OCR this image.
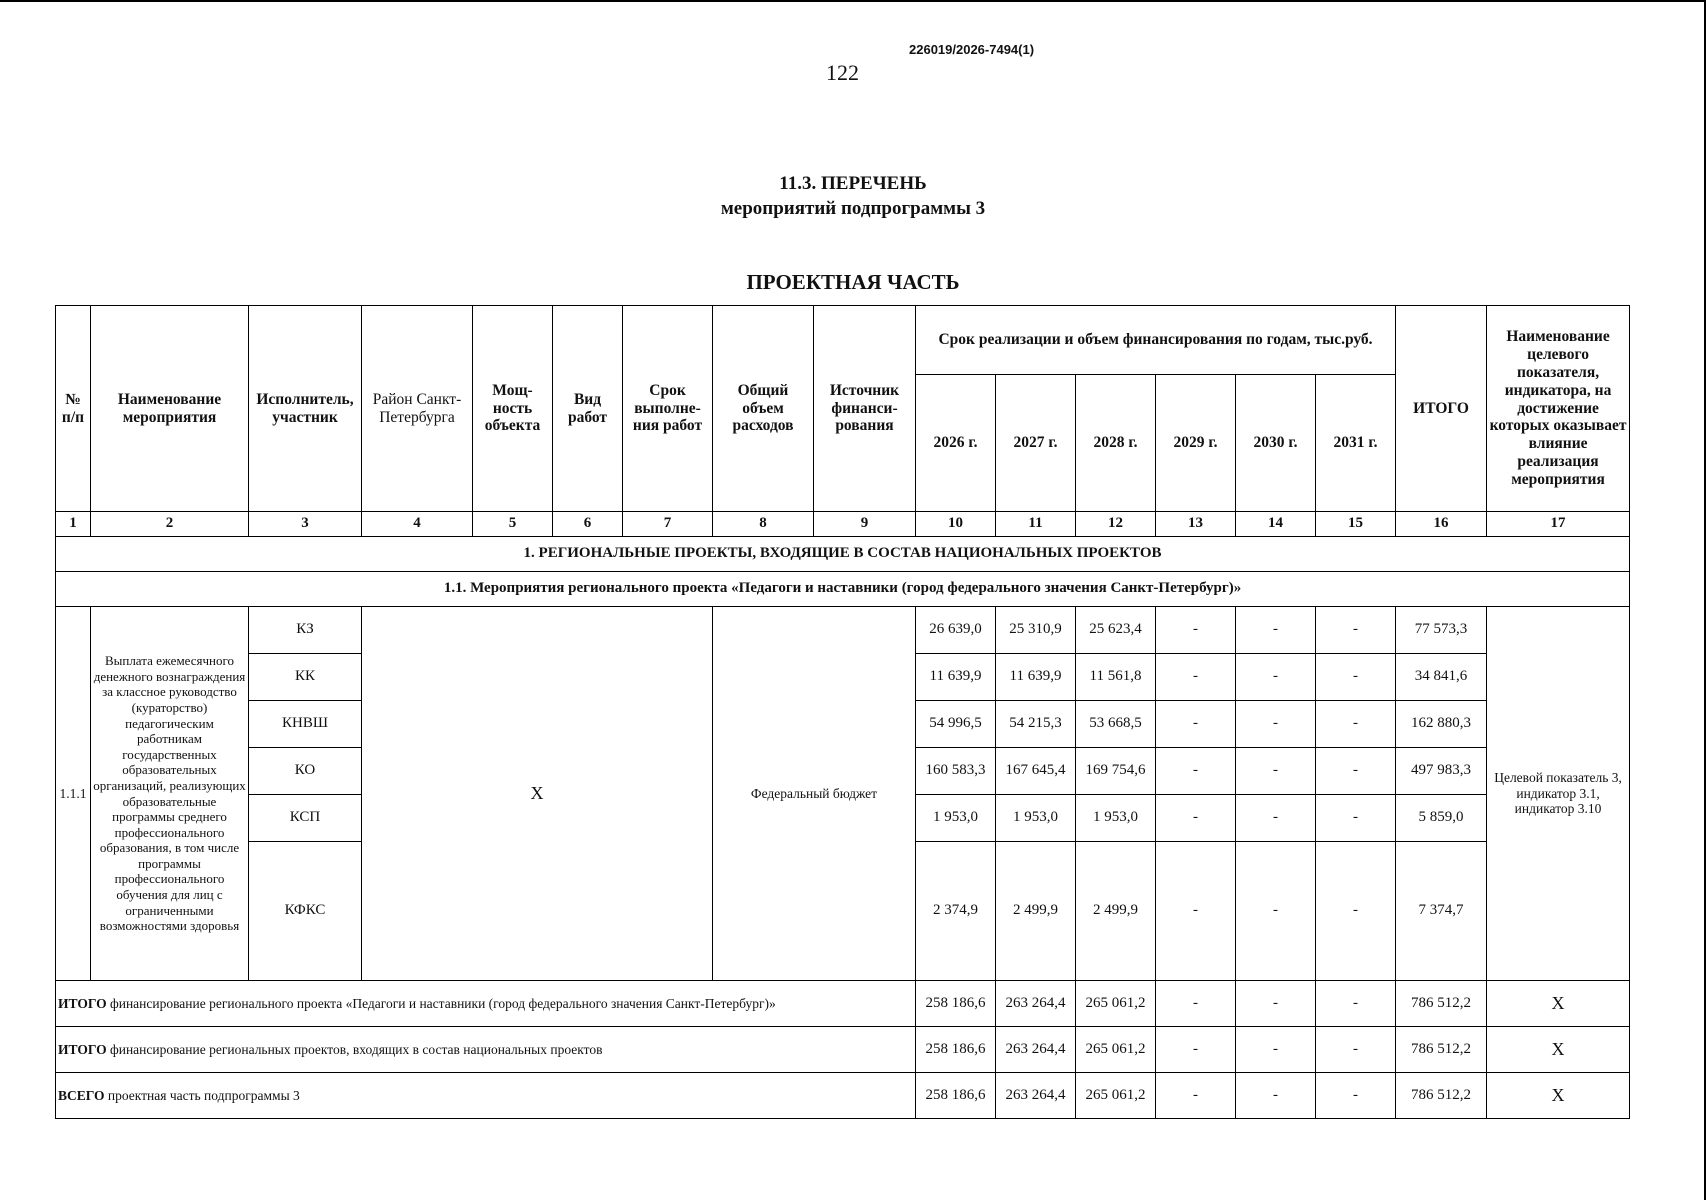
226019/2026-7494(1)
122
11.3. ПЕРЕЧЕНЬ
мероприятий подпрограммы 3
ПРОЕКТНАЯ ЧАСТЬ
№ п/п	Наименование мероприятия	Исполнитель, участник	Район Санкт-Петербурга	Мощ-ность объекта	Вид работ	Срок выполне-ния работ	Общий объем расходов	Источник финанси-рования	Срок реализации и объем финансирования по годам, тыс.руб.						ИТОГО	Наименование целевого показателя, индикатора, на достижение которых оказывает влияние реализация мероприятия
									2026 г.	2027 г.	2028 г.	2029 г.	2030 г.	2031 г.		
1	2	3	4	5	6	7	8	9	10	11	12	13	14	15	16	17
1. РЕГИОНАЛЬНЫЕ ПРОЕКТЫ, ВХОДЯЩИЕ В СОСТАВ НАЦИОНАЛЬНЫХ ПРОЕКТОВ																
1.1. Мероприятия регионального проекта «Педагоги и наставники (город федерального значения Санкт-Петербург)»																
1.1.1	Выплата ежемесячного денежного вознаграждения за классное руководство (кураторство) педагогическим работникам государственных образовательных организаций, реализующих образовательные программы среднего профессионального образования, в том числе программы профессионального обучения для лиц с ограниченными возможностями здоровья	КЗ	Х				Федеральный бюджет		26 639,0	25 310,9	25 623,4	-	-	-	77 573,3	Целевой показатель 3, индикатор 3.1, индикатор 3.10
		КК							11 639,9	11 639,9	11 561,8	-	-	-	34 841,6	
		КНВШ							54 996,5	54 215,3	53 668,5	-	-	-	162 880,3	
		КО							160 583,3	167 645,4	169 754,6	-	-	-	497 983,3	
		КСП							1 953,0	1 953,0	1 953,0	-	-	-	5 859,0	
		КФКС							2 374,9	2 499,9	2 499,9	-	-	-	7 374,7	
ИТОГО финансирование регионального проекта «Педагоги и наставники (город федерального значения Санкт-Петербург)»									258 186,6	263 264,4	265 061,2	-	-	-	786 512,2	Х
ИТОГО финансирование региональных проектов, входящих в состав национальных проектов									258 186,6	263 264,4	265 061,2	-	-	-	786 512,2	Х
ВСЕГО проектная часть подпрограммы 3									258 186,6	263 264,4	265 061,2	-	-	-	786 512,2	Х
